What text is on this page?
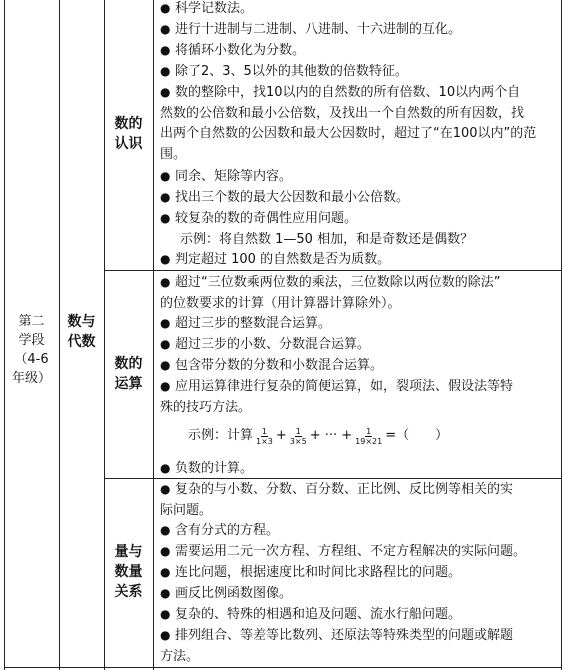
第二
学段
（4-6
年级）
数与
代数
数的
认识
数的
运算
量与
数量
关系
● 科学记数法。
● 进行十进制与二进制、八进制、十六进制的互化。
● 将循环小数化为分数。
● 除了2、3、5以外的其他数的倍数特征。
● 数的整除中，找10以内的自然数的所有倍数、10以内两个自
然数的公倍数和最小公倍数，及找出一个自然数的所有因数，找
出两个自然数的公因数和最大公因数时，超过了“在100以内”的范
围。
● 同余、矩除等内容。
● 找出三个数的最大公因数和最小公倍数。
● 较复杂的数的奇偶性应用问题。
示例：将自然数 1—50 相加，和是奇数还是偶数？
● 判定超过 100 的自然数是否为质数。
● 超过“三位数乘两位数的乘法，三位数除以两位数的除法”
的位数要求的计算（用计算器计算除外）。
● 超过三步的整数混合运算。
● 超过三步的小数、分数混合运算。
● 包含带分数的分数和小数混合运算。
● 应用运算律进行复杂的简便运算，如，裂项法、假设法等特
殊的技巧方法。
示例：计算 $\frac{1}{1\times 3} + \frac{1}{3\times 5}$ + ··· + $\frac{1}{19\times 21}$ =（　　）
● 负数的计算。
● 复杂的与小数、分数、百分数、正比例、反比例等相关的实
际问题。
● 含有分式的方程。
● 需要运用二元一次方程、方程组、不定方程解决的实际问题。
● 连比问题，根据速度比和时间比求路程比的问题。
● 画反比例函数图像。
● 复杂的、特殊的相遇和追及问题、流水行船问题。
● 排列组合、等差等比数列、还原法等特殊类型的问题或解题
方法。
